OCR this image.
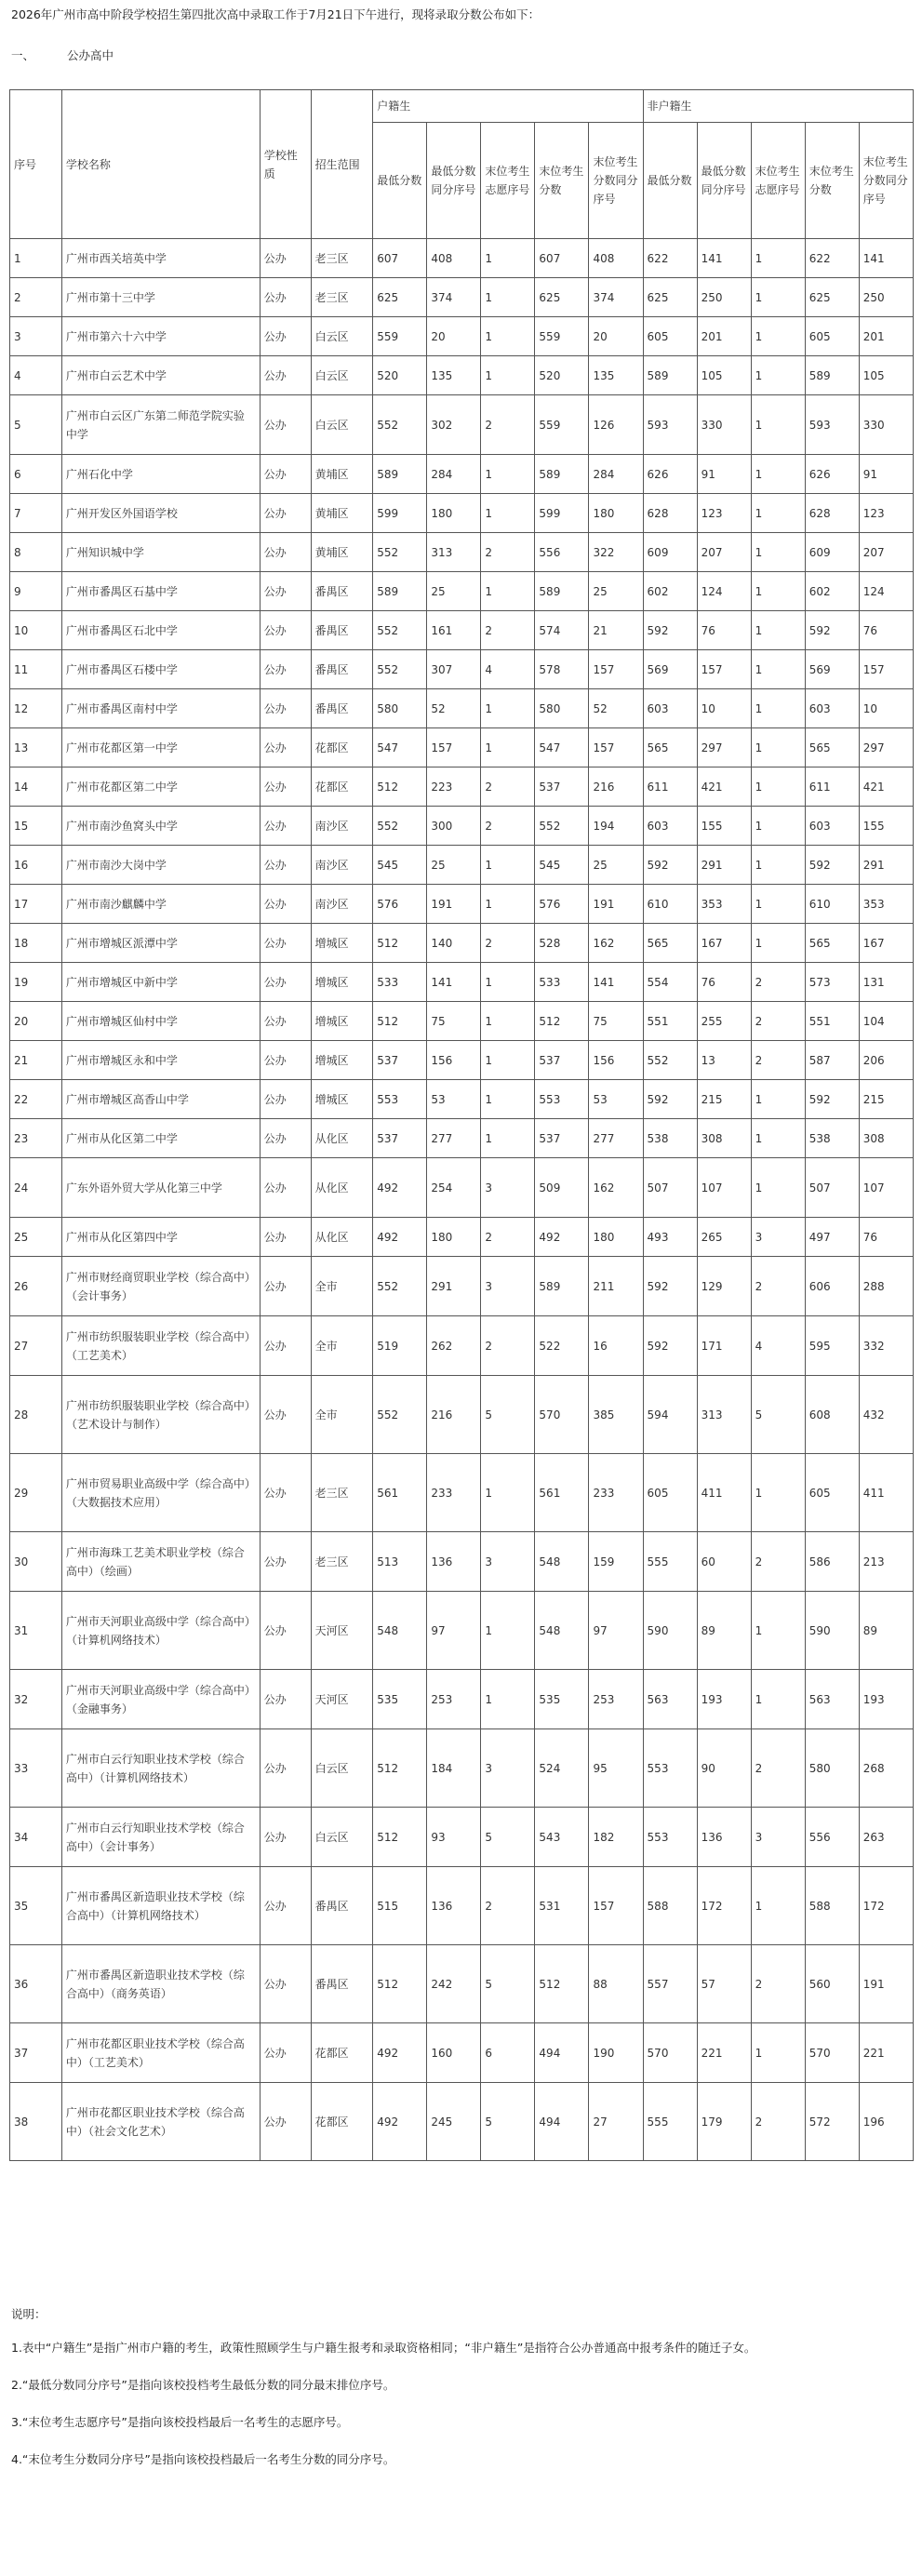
2026年广州市高中阶段学校招生第四批次高中录取工作于7月21日下午进行，现将录取分数公布如下：
一、	公办高中
序号	学校名称	学校性质	招生范围	户籍生					非户籍生				
				最低分数	最低分数同分序号	末位考生志愿序号	末位考生分数	末位考生分数同分序号	最低分数	最低分数同分序号	末位考生志愿序号	末位考生分数	末位考生分数同分序号
1	广州市西关培英中学	公办	老三区	607	408	1	607	408	622	141	1	622	141
2	广州市第十三中学	公办	老三区	625	374	1	625	374	625	250	1	625	250
3	广州市第六十六中学	公办	白云区	559	20	1	559	20	605	201	1	605	201
4	广州市白云艺术中学	公办	白云区	520	135	1	520	135	589	105	1	589	105
5	广州市白云区广东第二师范学院实验中学	公办	白云区	552	302	2	559	126	593	330	1	593	330
6	广州石化中学	公办	黄埔区	589	284	1	589	284	626	91	1	626	91
7	广州开发区外国语学校	公办	黄埔区	599	180	1	599	180	628	123	1	628	123
8	广州知识城中学	公办	黄埔区	552	313	2	556	322	609	207	1	609	207
9	广州市番禺区石基中学	公办	番禺区	589	25	1	589	25	602	124	1	602	124
10	广州市番禺区石北中学	公办	番禺区	552	161	2	574	21	592	76	1	592	76
11	广州市番禺区石楼中学	公办	番禺区	552	307	4	578	157	569	157	1	569	157
12	广州市番禺区南村中学	公办	番禺区	580	52	1	580	52	603	10	1	603	10
13	广州市花都区第一中学	公办	花都区	547	157	1	547	157	565	297	1	565	297
14	广州市花都区第二中学	公办	花都区	512	223	2	537	216	611	421	1	611	421
15	广州市南沙鱼窝头中学	公办	南沙区	552	300	2	552	194	603	155	1	603	155
16	广州市南沙大岗中学	公办	南沙区	545	25	1	545	25	592	291	1	592	291
17	广州市南沙麒麟中学	公办	南沙区	576	191	1	576	191	610	353	1	610	353
18	广州市增城区派潭中学	公办	增城区	512	140	2	528	162	565	167	1	565	167
19	广州市增城区中新中学	公办	增城区	533	141	1	533	141	554	76	2	573	131
20	广州市增城区仙村中学	公办	增城区	512	75	1	512	75	551	255	2	551	104
21	广州市增城区永和中学	公办	增城区	537	156	1	537	156	552	13	2	587	206
22	广州市增城区高香山中学	公办	增城区	553	53	1	553	53	592	215	1	592	215
23	广州市从化区第二中学	公办	从化区	537	277	1	537	277	538	308	1	538	308
24	广东外语外贸大学从化第三中学	公办	从化区	492	254	3	509	162	507	107	1	507	107
25	广州市从化区第四中学	公办	从化区	492	180	2	492	180	493	265	3	497	76
26	广州市财经商贸职业学校（综合高中）（会计事务）	公办	全市	552	291	3	589	211	592	129	2	606	288
27	广州市纺织服装职业学校（综合高中）（工艺美术）	公办	全市	519	262	2	522	16	592	171	4	595	332
28	广州市纺织服装职业学校（综合高中）（艺术设计与制作）	公办	全市	552	216	5	570	385	594	313	5	608	432
29	广州市贸易职业高级中学（综合高中）（大数据技术应用）	公办	老三区	561	233	1	561	233	605	411	1	605	411
30	广州市海珠工艺美术职业学校（综合高中）（绘画）	公办	老三区	513	136	3	548	159	555	60	2	586	213
31	广州市天河职业高级中学（综合高中）（计算机网络技术）	公办	天河区	548	97	1	548	97	590	89	1	590	89
32	广州市天河职业高级中学（综合高中）（金融事务）	公办	天河区	535	253	1	535	253	563	193	1	563	193
33	广州市白云行知职业技术学校（综合高中）（计算机网络技术）	公办	白云区	512	184	3	524	95	553	90	2	580	268
34	广州市白云行知职业技术学校（综合高中）（会计事务）	公办	白云区	512	93	5	543	182	553	136	3	556	263
35	广州市番禺区新造职业技术学校（综合高中）（计算机网络技术）	公办	番禺区	515	136	2	531	157	588	172	1	588	172
36	广州市番禺区新造职业技术学校（综合高中）（商务英语）	公办	番禺区	512	242	5	512	88	557	57	2	560	191
37	广州市花都区职业技术学校（综合高中）（工艺美术）	公办	花都区	492	160	6	494	190	570	221	1	570	221
38	广州市花都区职业技术学校（综合高中）（社会文化艺术）	公办	花都区	492	245	5	494	27	555	179	2	572	196
说明：
1.表中“户籍生”是指广州市户籍的考生，政策性照顾学生与户籍生报考和录取资格相同；“非户籍生”是指符合公办普通高中报考条件的随迁子女。
2.“最低分数同分序号”是指向该校投档考生最低分数的同分最末排位序号。
3.“末位考生志愿序号”是指向该校投档最后一名考生的志愿序号。
4.“末位考生分数同分序号”是指向该校投档最后一名考生分数的同分序号。
